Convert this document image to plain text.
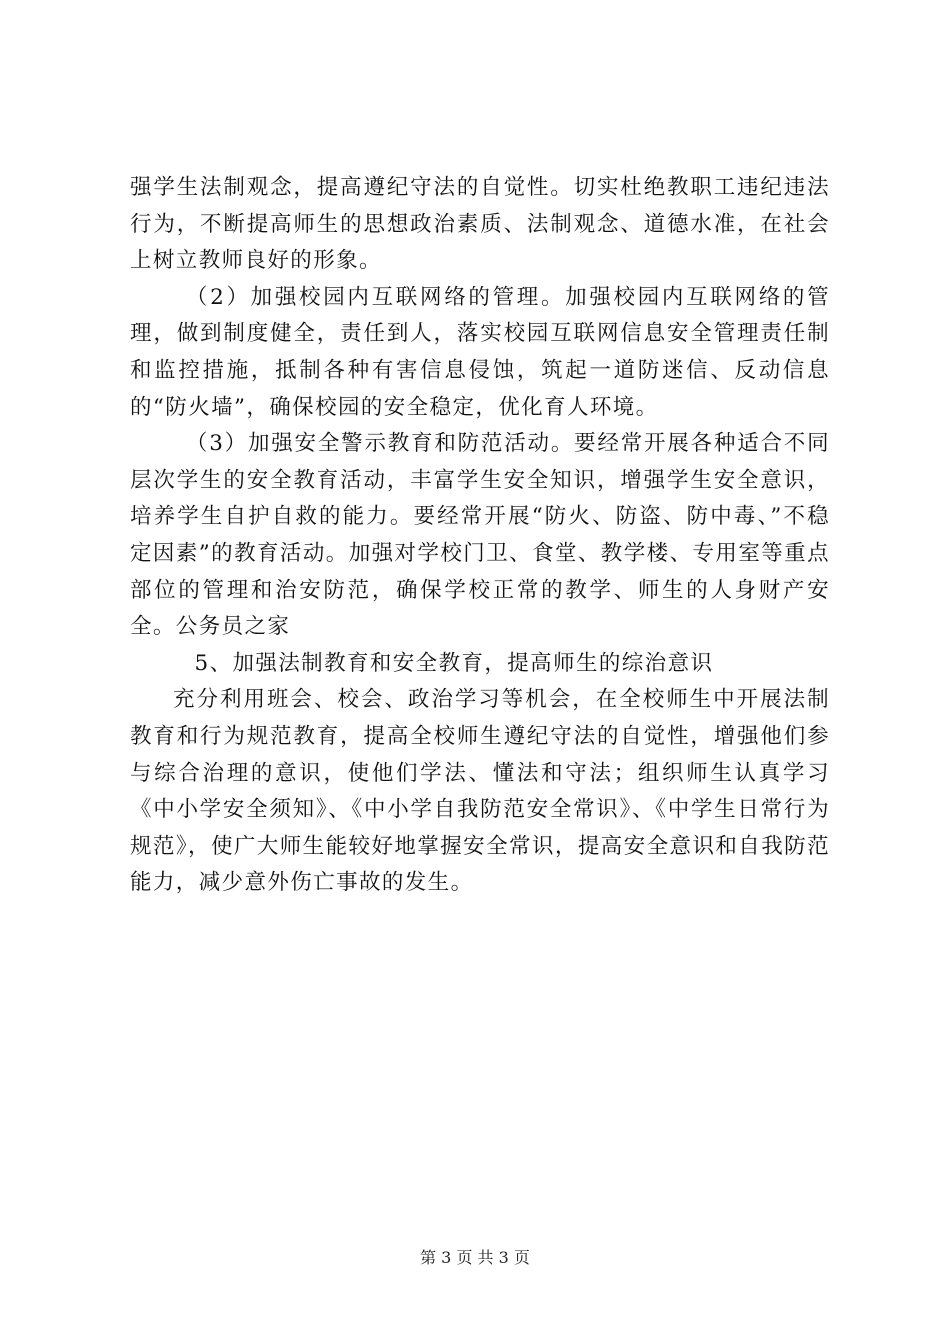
强学生法制观念，提高遵纪守法的自觉性。切实杜绝教职工违纪违法行为，不断提高师生的思想政治素质、法制观念、道德水准，在社会上树立教师良好的形象。

（2）加强校园内互联网络的管理。加强校园内互联网络的管理，做到制度健全，责任到人，落实校园互联网信息安全管理责任制和监控措施，抵制各种有害信息侵蚀，筑起一道防迷信、反动信息的“防火墙”，确保校园的安全稳定，优化育人环境。

（3）加强安全警示教育和防范活动。要经常开展各种适合不同层次学生的安全教育活动，丰富学生安全知识，增强学生安全意识，培养学生自护自救的能力。要经常开展“防火、防盗、防中毒、”不稳定因素”的教育活动。加强对学校门卫、食堂、教学楼、专用室等重点部位的管理和治安防范，确保学校正常的教学、师生的人身财产安全。公务员之家

5、加强法制教育和安全教育，提高师生的综治意识

充分利用班会、校会、政治学习等机会，在全校师生中开展法制教育和行为规范教育，提高全校师生遵纪守法的自觉性，增强他们参与综合治理的意识，使他们学法、懂法和守法；组织师生认真学习《中小学安全须知》、《中小学自我防范安全常识》、《中学生日常行为规范》，使广大师生能较好地掌握安全常识，提高安全意识和自我防范能力，减少意外伤亡事故的发生。

第 3 页 共 3 页
